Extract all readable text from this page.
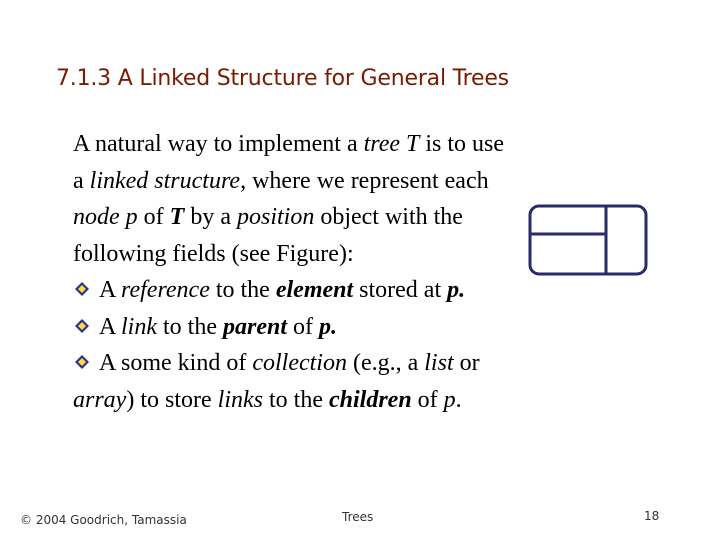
7.1.3 A Linked Structure for General Trees
A natural way to implement a tree T is to use
a linked structure, where we represent each
node p of T by a position object with the
following fields (see Figure):
A reference to the element stored at p.
A link to the parent of p.
A some kind of collection (e.g., a list or
array) to store links to the children of p.
© 2004 Goodrich, Tamassia	Trees	18
